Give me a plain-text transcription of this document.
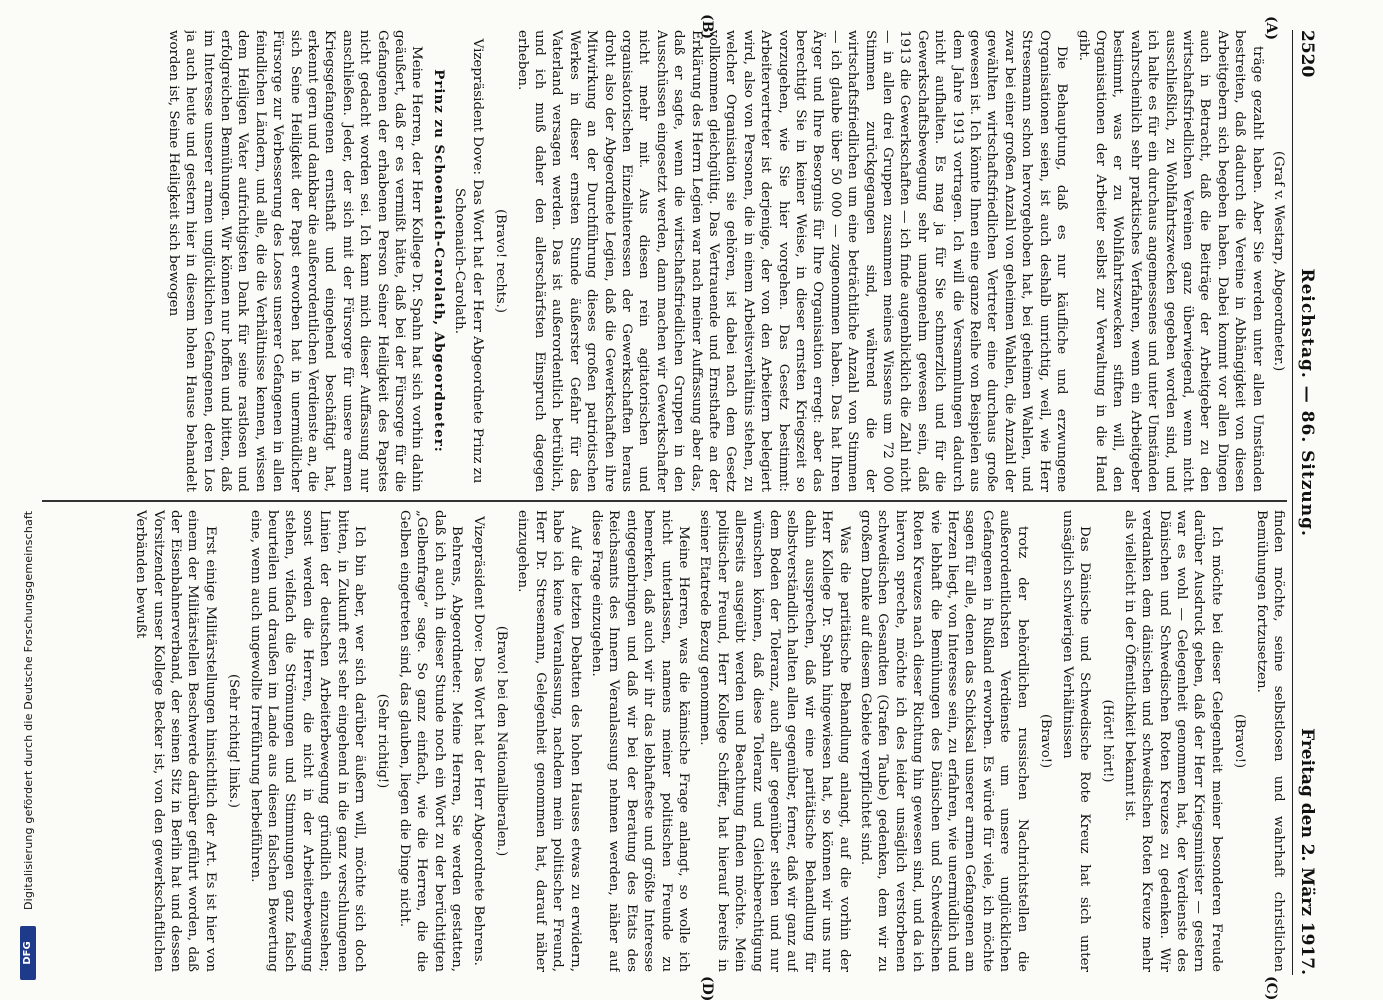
2520
Reichstag. — 86. Sitzung.
Freitag den 2. März 1917.
(A)
(B)
(C)
(D)

(Graf v. Westarp, Abgeordneter.)

träge gezahlt haben. Aber Sie werden unter allen Umständen bestreiten, daß dadurch die Vereine in Abhängigkeit von diesen Arbeitgebern sich begeben haben. Dabei kommt vor allen Dingen auch in Betracht, daß die Beiträge der Arbeitgeber zu den wirtschaftsfriedlichen Vereinen ganz überwiegend, wenn nicht ausschließlich, zu Wohlfahrtszwecken gegeben worden sind, und ich halte es für ein durchaus angemessenes und unter Umständen wahrscheinlich sehr praktisches Verfahren, wenn ein Arbeitgeber bestimmt, was er zu Wohlfahrtszwecken stiften will, den Organisationen der Arbeiter selbst zur Verwaltung in die Hand gibt.

Die Behauptung, daß es nur käufliche und erzwungene Organisationen seien, ist auch deshalb unrichtig, weil, wie Herr Stresemann schon hervorgehoben hat, bei geheimen Wahlen, und zwar bei einer großen Anzahl von geheimen Wahlen, die Anzahl der gewählten wirtschaftsfriedlichen Vertreter eine durchaus große gewesen ist. Ich könnte Ihnen eine ganze Reihe von Beispielen aus dem Jahre 1913 vortragen. Ich will die Versammlungen dadurch nicht aufhalten. Es mag ja für Sie schmerzlich und für die Gewerkschaftsbewegung sehr unangenehm gewesen sein, daß 1913 die Gewerkschaften — ich finde augenblicklich die Zahl nicht — in allen drei Gruppen zusammen meines Wissens um 72 000 Stimmen zurückgegangen sind, während die der wirtschaftsfriedlichen um eine beträchtliche Anzahl von Stimmen — ich glaube über 50 000 — zugenommen haben. Das hat Ihren Ärger und Ihre Besorgnis für Ihre Organisation erregt: aber das berechtigt Sie in keiner Weise, in dieser ernsten Kriegszeit so vorzugehen, wie Sie hier vorgehen. Das Gesetz bestimmt: Arbeitervertreter ist derjenige, der von den Arbeitern belegiert wird, also von Personen, die in einem Arbeitsverhältnis stehen, zu welcher Organisation sie gehören, ist dabei nach dem Gesetz vollkommen gleichgültig. Das Vertrauende und Ernsthafte an der Erklärung des Herrn Legien war nach meiner Auffassung aber das, daß er sagte, wenn die wirtschaftsfriedlichen Gruppen in den Ausschüssen eingesetzt werden, dann machen wir Gewerkschafter nicht mehr mit. Aus diesen rein agitatorischen und organisatorischen Einzelinteressen der Gewerkschaften heraus droht also der Abgeordnete Legien, daß die Gewerkschaften ihre Mitwirkung an der Durchführung dieses großen patriotischen Werkes in dieser ernsten Stunde äußerster Gefahr für das Vaterland versagen werden. Das ist außerordentlich betrüblich, und ich muß daher den allerschärfsten Einspruch dagegen erheben.

(Bravo! rechts.)

Vizepräsident Dove: Das Wort hat der Herr Abgeordnete Prinz zu Schoenaich-Carolath.

Prinz zu Schoenaich-Carolath, Abgeordneter:

Meine Herren, der Herr Kollege Dr. Spahn hat sich vorhin dahin geäußert, daß er es vermißt hätte, daß bei der Fürsorge für die Gefangenen der erhabenen Person Seiner Heiligkeit des Papstes nicht gedacht worden sei. Ich kann mich dieser Auffassung nur anschließen. Jeder, der sich mit der Fürsorge für unsere armen Kriegsgefangenen ernsthaft und eingehend beschäftigt hat, erkennt gern und dankbar die außerordentlichen Verdienste an, die sich Seine Heiligkeit der Papst erworben hat in unermüdlicher Fürsorge zur Verbesserung des Loses unserer Gefangenen in allen feindlichen Ländern, und alle, die die Verhältnisse kennen, wissen dem Heiligen Vater aufrichtigsten Dank für seine rastlosen und erfolgreichen Bemühungen. Wir können nur hoffen und bitten, daß im Interesse unserer armen unglücklichen Gefangenen, deren Los ja auch heute und gestern hier in diesem hohen Hause behandelt worden ist, Seine Heiligkeit sich bewogen

finden möchte, seine selbstlosen und wahrhaft christlichen Bemühungen fortzusetzen.

(Bravo!)

Ich möchte bei dieser Gelegenheit meiner besonderen Freude darüber Ausdruck geben, daß der Herr Kriegsminister — gestern war es wohl — Gelegenheit genommen hat, der Verdienste des Dänischen und Schwedischen Roten Kreuzes zu gedenken. Wir verdanken dem dänischen und schwedischen Roten Kreuze mehr als vielleicht in der Öffentlichkeit bekannt ist.

(Hört! hört!)

Das Dänische und Schwedische Rote Kreuz hat sich unter unsäglich schwierigen Verhältnissen

(Bravo!)

trotz der behördlichen russischen Nachrichtstellen die außerordentlichsten Verdienste um unsere unglücklichen Gefangenen in Rußland erworben. Es würde für viele, ich möchte sagen für alle, denen das Schicksal unserer armen Gefangenen am Herzen liegt, von Interesse sein, zu erfahren, wie unermüdlich und wie lebhaft die Bemühungen des Dänischen und Schwedischen Roten Kreuzes nach dieser Richtung hin gewesen sind, und da ich hiervon spreche, möchte ich des leider unsäglich verstorbenen schwedischen Gesandten (Grafen Taube) gedenken, dem wir zu großem Danke auf diesem Gebiete verpflichtet sind.

Was die paritätische Behandlung anlangt, auf die vorhin der Herr Kollege Dr. Spahn hingewiesen hat, so können wir uns nur dahin aussprechen, daß wir eine paritätische Behandlung für selbstverständlich halten allen gegenüber, ferner, daß wir ganz auf dem Boden der Toleranz, auch aller gegenüber stehen und nur wünschen können, daß diese Toleranz und Gleichberechtigung allerseits ausgeübt werden und Beachtung finden möchte. Mein politischer Freund, Herr Kollege Schiffer, hat hierauf bereits in seiner Etatrede Bezug genommen.

Meine Herren, was die kämische Frage anlangt, so wolle ich nicht unterlassen, namens meiner politischen Freunde zu bemerken, daß auch wir ihr das lebhafteste und größte Interesse entgegenbringen und daß wir bei der Beratung des Etats des Reichsamts des Innern Veranlassung nehmen werden, näher auf diese Frage einzugehen.

Auf die letzten Debatten des hohen Hauses etwas zu erwidern, habe ich keine Veranlassung, nachdem mein politischer Freund, Herr Dr. Stresemann, Gelegenheit genommen hat, darauf näher einzugehen.

(Bravo! bei den Nationalliberalen.)

Vizepräsident Dove: Das Wort hat der Herr Abgeordnete Behrens.

Behrens, Abgeordneter: Meine Herren, Sie werden gestatten, daß ich auch in dieser Stunde noch ein Wort zu der berüchtigten „Gelbenfrage“ sage. So ganz einfach, wie die Herren, die die Gelben eingetreten sind, das glauben, liegen die Dinge nicht.

(Sehr richtig!)

Ich bin aber, wer sich darüber äußern will, möchte sich doch bitten, in Zukunft erst sehr eingehend in die ganz verschlungenen Linien der deutschen Arbeiterbewegung gründlich einzusehen; sonst werden die Herren, die nicht in der Arbeiterbewegung stehen, vielfach die Strömungen und Stimmungen ganz falsch beurteilen und draußen im Lande aus diesen falschen Bewertung eine, wenn auch ungewollte Irreführung herbeiführen.

(Sehr richtig! links.)

Erst einige Militärstellungen hinsichtlich der Art. Es ist hier von einem der Militärstellen Beschwerde darüber geführt worden, daß der Eisenbahnerverband, der seinen Sitz in Berlin hat und dessen Vorsitzender unser Kollege Becker ist, von den gewerkschaftlichen Verbänden bewußt

DFG
Digitalisierung gefördert durch die Deutsche Forschungsgemeinschaft
